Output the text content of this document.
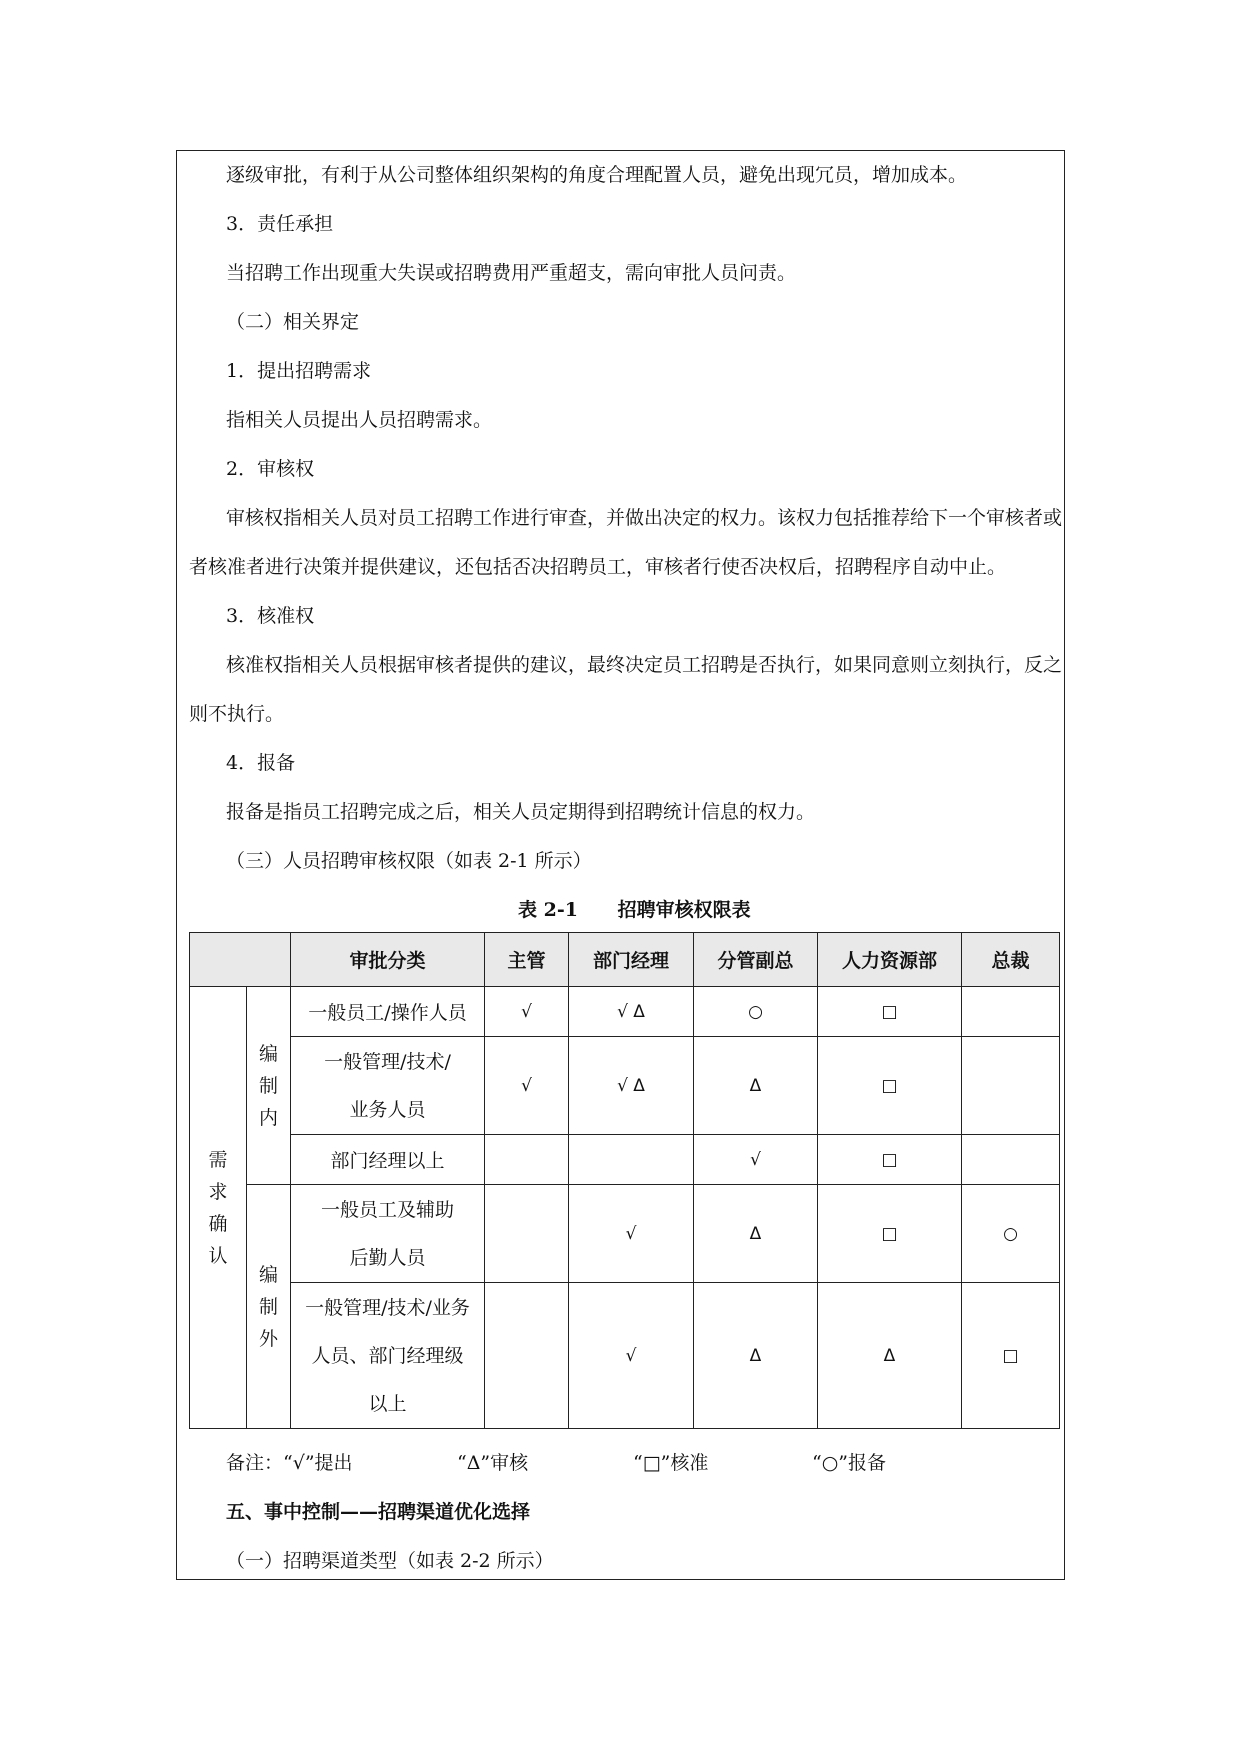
逐级审批，有利于从公司整体组织架构的角度合理配置人员，避免出现冗员，增加成本。
3．责任承担
当招聘工作出现重大失误或招聘费用严重超支，需向审批人员问责。
（二）相关界定
1．提出招聘需求
指相关人员提出人员招聘需求。
2．审核权
审核权指相关人员对员工招聘工作进行审查，并做出决定的权力。该权力包括推荐给下一个审核者或
者核准者进行决策并提供建议，还包括否决招聘员工，审核者行使否决权后，招聘程序自动中止。
3．核准权
核准权指相关人员根据审核者提供的建议，最终决定员工招聘是否执行，如果同意则立刻执行，反之
则不执行。
4．报备
报备是指员工招聘完成之后，相关人员定期得到招聘统计信息的权力。
（三）人员招聘审核权限（如表 2-1 所示）
表 2-1      招聘审核权限表
		审批分类	主管	部门经理	分管副总	人力资源部	总裁

需求确认	编制内	一般员工/操作人员	√	√ Δ	○	□	

		一般管理/技术/业务人员	√	√ Δ	Δ	□	
		部门经理以上			√	□	

	编制外	一般员工及辅助后勤人员		√	Δ	□	○

		一般管理/技术/业务人员、部门经理级以上		√	Δ	Δ	□
备注：“√”提出	“Δ”审核	“□”核准	“○”报备
五、事中控制——招聘渠道优化选择
（一）招聘渠道类型（如表 2-2 所示）
